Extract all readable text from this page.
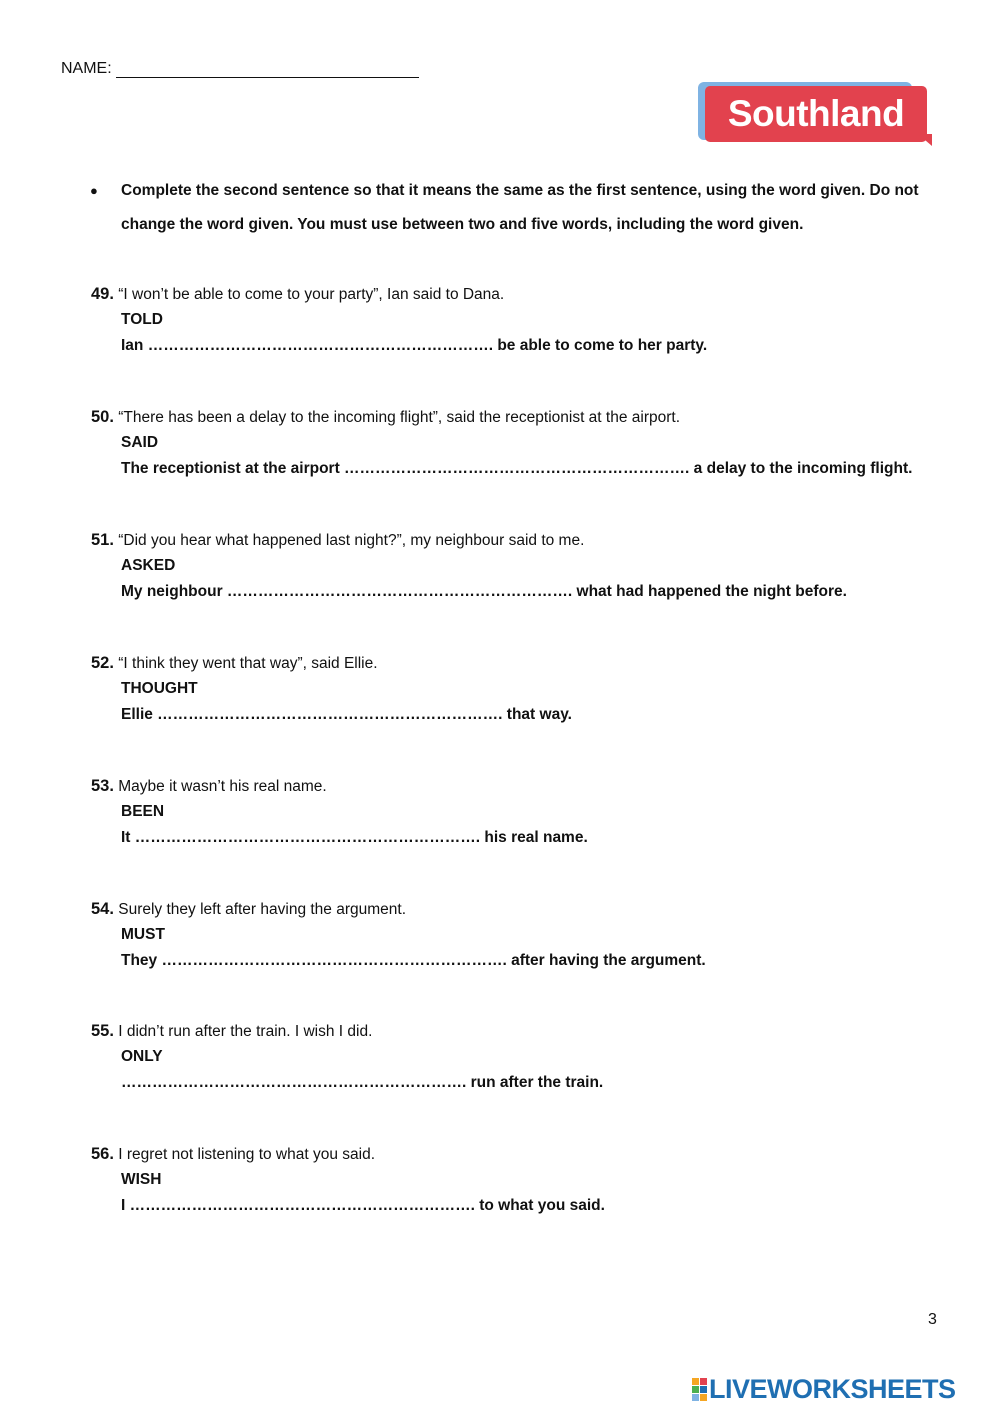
NAME:
Southland
● Complete the second sentence so that it means the same as the first sentence, using the word given. Do not change the word given. You must use between two and five words, including the word given.
49. “I won’t be able to come to your party”, Ian said to Dana.
TOLD
Ian …………………………………………………………. be able to come to her party.
50. “There has been a delay to the incoming flight”, said the receptionist at the airport.
SAID
The receptionist at the airport …………………………………………………………. a delay to the incoming flight.
51. “Did you hear what happened last night?”, my neighbour said to me.
ASKED
My neighbour …………………………………………………………. what had happened the night before.
52. “I think they went that way”, said Ellie.
THOUGHT
Ellie …………………………………………………………. that way.
53. Maybe it wasn’t his real name.
BEEN
It …………………………………………………………. his real name.
54. Surely they left after having the argument.
MUST
They …………………………………………………………. after having the argument.
55. I didn’t run after the train. I wish I did.
ONLY
…………………………………………………………. run after the train.
56. I regret not listening to what you said.
WISH
I …………………………………………………………. to what you said.
3
LIVEWORKSHEETS
